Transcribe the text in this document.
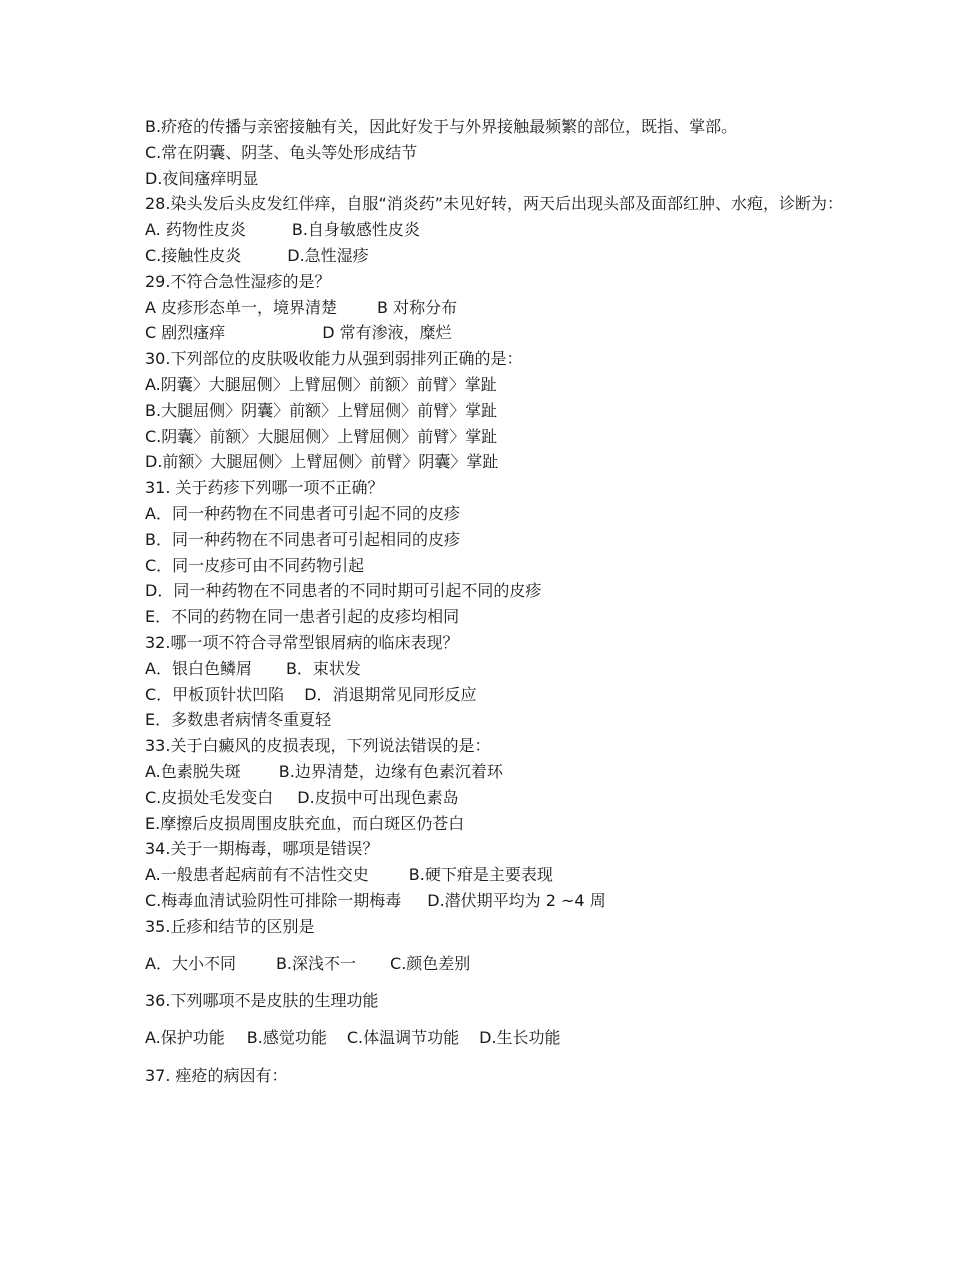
B.疥疮的传播与亲密接触有关，因此好发于与外界接触最频繁的部位，既指、掌部。

C.常在阴囊、阴茎、龟头等处形成结节

D.夜间瘙痒明显

28.染头发后头皮发红伴痒，自服“消炎药”未见好转，两天后出现头部及面部红肿、水疱，诊断为：

A. 药物性皮炎	B.自身敏感性皮炎

C.接触性皮炎	D.急性湿疹

29.不符合急性湿疹的是？

A 皮疹形态单一，境界清楚	B 对称分布

C 剧烈瘙痒	D 常有渗液，糜烂

30.下列部位的皮肤吸收能力从强到弱排列正确的是：

A.阴囊〉大腿屈侧〉上臂屈侧〉前额〉前臂〉掌趾

B.大腿屈侧〉阴囊〉前额〉上臂屈侧〉前臂〉掌趾

C.阴囊〉前额〉大腿屈侧〉上臂屈侧〉前臂〉掌趾

D.前额〉大腿屈侧〉上臂屈侧〉前臂〉阴囊〉掌趾

31. 关于药疹下列哪一项不正确？

A．同一种药物在不同患者可引起不同的皮疹

B．同一种药物在不同患者可引起相同的皮疹

C．同一皮疹可由不同药物引起

D．同一种药物在不同患者的不同时期可引起不同的皮疹

E．不同的药物在同一患者引起的皮疹均相同

32.哪一项不符合寻常型银屑病的临床表现？

A．银白色鳞屑 B．束状发

C．甲板顶针状凹陷 D．消退期常见同形反应

E．多数患者病情冬重夏轻

33.关于白癜风的皮损表现，下列说法错误的是：

A.色素脱失斑 B.边界清楚，边缘有色素沉着环

C.皮损处毛发变白 D.皮损中可出现色素岛

E.摩擦后皮损周围皮肤充血，而白斑区仍苍白

34.关于一期梅毒，哪项是错误？

A.一般患者起病前有不洁性交史	B.硬下疳是主要表现

C.梅毒血清试验阴性可排除一期梅毒 D.潜伏期平均为 2 ~4 周

35.丘疹和结节的区别是

A．大小不同	B.深浅不一 C.颜色差别

36.下列哪项不是皮肤的生理功能

A.保护功能 B.感觉功能 C.体温调节功能 D.生长功能

37. 痤疮的病因有：
